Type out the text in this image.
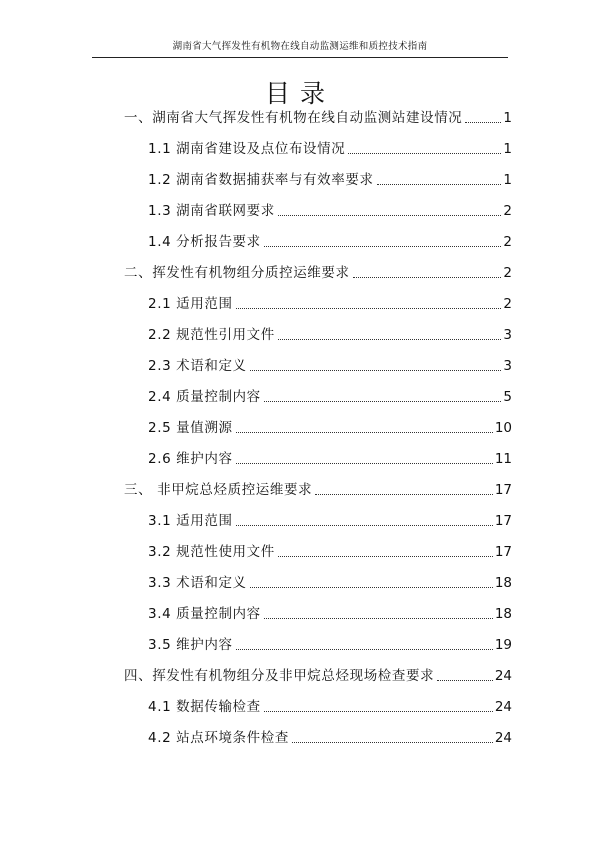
湖南省大气挥发性有机物在线自动监测运维和质控技术指南
目录
一、湖南省大气挥发性有机物在线自动监测站建设情况	1
1.1 湖南省建设及点位布设情况	1
1.2 湖南省数据捕获率与有效率要求	1
1.3 湖南省联网要求	2
1.4 分析报告要求	2
二、挥发性有机物组分质控运维要求	2
2.1 适用范围	2
2.2 规范性引用文件	3
2.3 术语和定义	3
2.4 质量控制内容	5
2.5 量值溯源	10
2.6 维护内容	11
三、 非甲烷总烃质控运维要求	17
3.1 适用范围	17
3.2 规范性使用文件	17
3.3 术语和定义	18
3.4 质量控制内容	18
3.5 维护内容	19
四、挥发性有机物组分及非甲烷总烃现场检查要求	24
4.1 数据传输检查	24
4.2 站点环境条件检查	24
